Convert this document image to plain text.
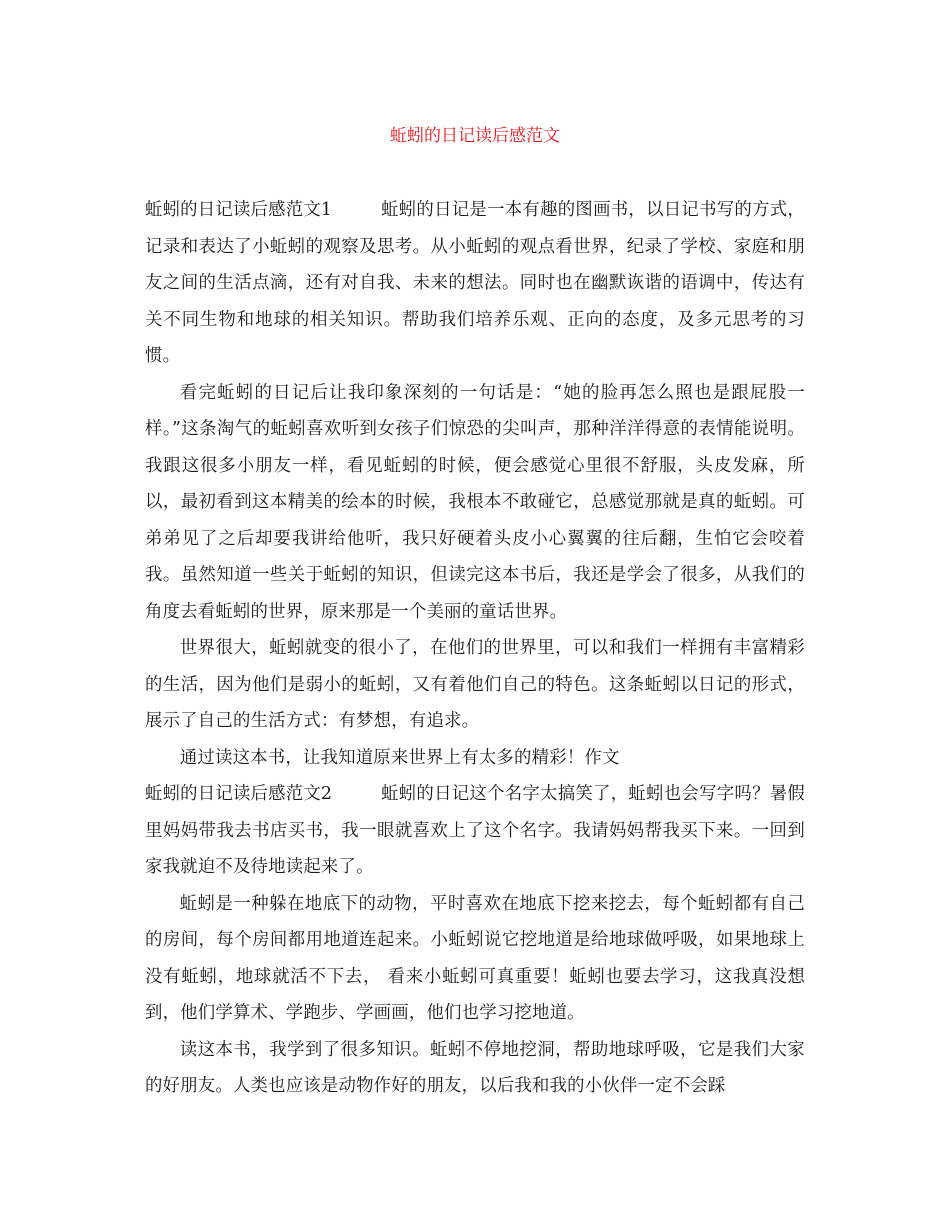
蚯蚓的日记读后感范文

蚯蚓的日记读后感范文1	蚯蚓的日记是一本有趣的图画书，以日记书写的方式，记录和表达了小蚯蚓的观察及思考。从小蚯蚓的观点看世界，纪录了学校、家庭和朋友之间的生活点滴，还有对自我、未来的想法。同时也在幽默诙谐的语调中，传达有关不同生物和地球的相关知识。帮助我们培养乐观、正向的态度，及多元思考的习惯。

看完蚯蚓的日记后让我印象深刻的一句话是：“她的脸再怎么照也是跟屁股一样。”这条淘气的蚯蚓喜欢听到女孩子们惊恐的尖叫声，那种洋洋得意的表情能说明。我跟这很多小朋友一样，看见蚯蚓的时候，便会感觉心里很不舒服，头皮发麻，所以，最初看到这本精美的绘本的时候，我根本不敢碰它，总感觉那就是真的蚯蚓。可弟弟见了之后却要我讲给他听，我只好硬着头皮小心翼翼的往后翻，生怕它会咬着我。虽然知道一些关于蚯蚓的知识，但读完这本书后，我还是学会了很多，从我们的角度去看蚯蚓的世界，原来那是一个美丽的童话世界。

世界很大，蚯蚓就变的很小了，在他们的世界里，可以和我们一样拥有丰富精彩的生活，因为他们是弱小的蚯蚓，又有着他们自己的特色。这条蚯蚓以日记的形式，展示了自己的生活方式：有梦想，有追求。

通过读这本书，让我知道原来世界上有太多的精彩！作文

蚯蚓的日记读后感范文2	蚯蚓的日记这个名字太搞笑了，蚯蚓也会写字吗？暑假里妈妈带我去书店买书，我一眼就喜欢上了这个名字。我请妈妈帮我买下来。一回到家我就迫不及待地读起来了。

蚯蚓是一种躲在地底下的动物，平时喜欢在地底下挖来挖去，每个蚯蚓都有自己的房间，每个房间都用地道连起来。小蚯蚓说它挖地道是给地球做呼吸，如果地球上没有蚯蚓，地球就活不下去， 看来小蚯蚓可真重要！蚯蚓也要去学习，这我真没想到，他们学算术、学跑步、学画画，他们也学习挖地道。

读这本书，我学到了很多知识。蚯蚓不停地挖洞，帮助地球呼吸，它是我们大家的好朋友。人类也应该是动物作好的朋友，以后我和我的小伙伴一定不会踩
